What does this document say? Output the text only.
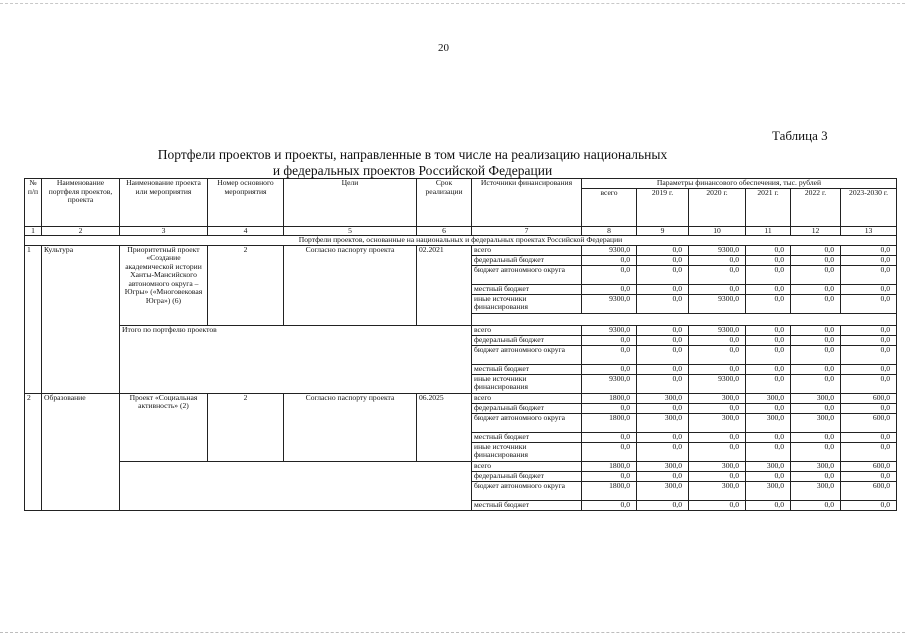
20
Таблица 3
Портфели проектов и проекты, направленные в том числе на реализацию национальных
и федеральных проектов Российской Федерации
№ п/п	Наименование портфеля проектов, проекта	Наименование проекта или мероприятия	Номер основного мероприятия	Цели	Срок реализации	Источники финансирования	Параметры финансового обеспечения, тыс. рублей					
							всего	2019 г.	2020 г.	2021 г.	2022 г.	2023-2030 г.
1	2	3	4	5	6	7	8	9	10	11	12	13
Портфели проектов, основанные на национальных и федеральных проектах Российской Федерации												
1	Культура	Приоритетный проект «Создание академической истории Ханты-Мансийского автономного округа – Югры» («Многовековая Югра») (6)	2	Согласно паспорту проекта	02.2021	всего	9300,0	0,0	9300,0	0,0	0,0	0,0
						федеральный бюджет	0,0	0,0	0,0	0,0	0,0	0,0
						бюджет автономного округа	0,0	0,0	0,0	0,0	0,0	0,0
						местный бюджет	0,0	0,0	0,0	0,0	0,0	0,0
						иные источники финансирования	9300,0	0,0	9300,0	0,0	0,0	0,0

		Итого по портфелю проектов				всего	9300,0	0,0	9300,0	0,0	0,0	0,0
						федеральный бюджет	0,0	0,0	0,0	0,0	0,0	0,0
						бюджет автономного округа	0,0	0,0	0,0	0,0	0,0	0,0
						местный бюджет	0,0	0,0	0,0	0,0	0,0	0,0
						иные источники финансирования	9300,0	0,0	9300,0	0,0	0,0	0,0
2	Образование	Проект «Социальная активность» (2)	2	Согласно паспорту проекта	06.2025	всего	1800,0	300,0	300,0	300,0	300,0	600,0
						федеральный бюджет	0,0	0,0	0,0	0,0	0,0	0,0
						бюджет автономного округа	1800,0	300,0	300,0	300,0	300,0	600,0
						местный бюджет	0,0	0,0	0,0	0,0	0,0	0,0
						иные источники финансирования	0,0	0,0	0,0	0,0	0,0	0,0
						всего	1800,0	300,0	300,0	300,0	300,0	600,0
						федеральный бюджет	0,0	0,0	0,0	0,0	0,0	0,0
						бюджет автономного округа	1800,0	300,0	300,0	300,0	300,0	600,0
						местный бюджет	0,0	0,0	0,0	0,0	0,0	0,0
